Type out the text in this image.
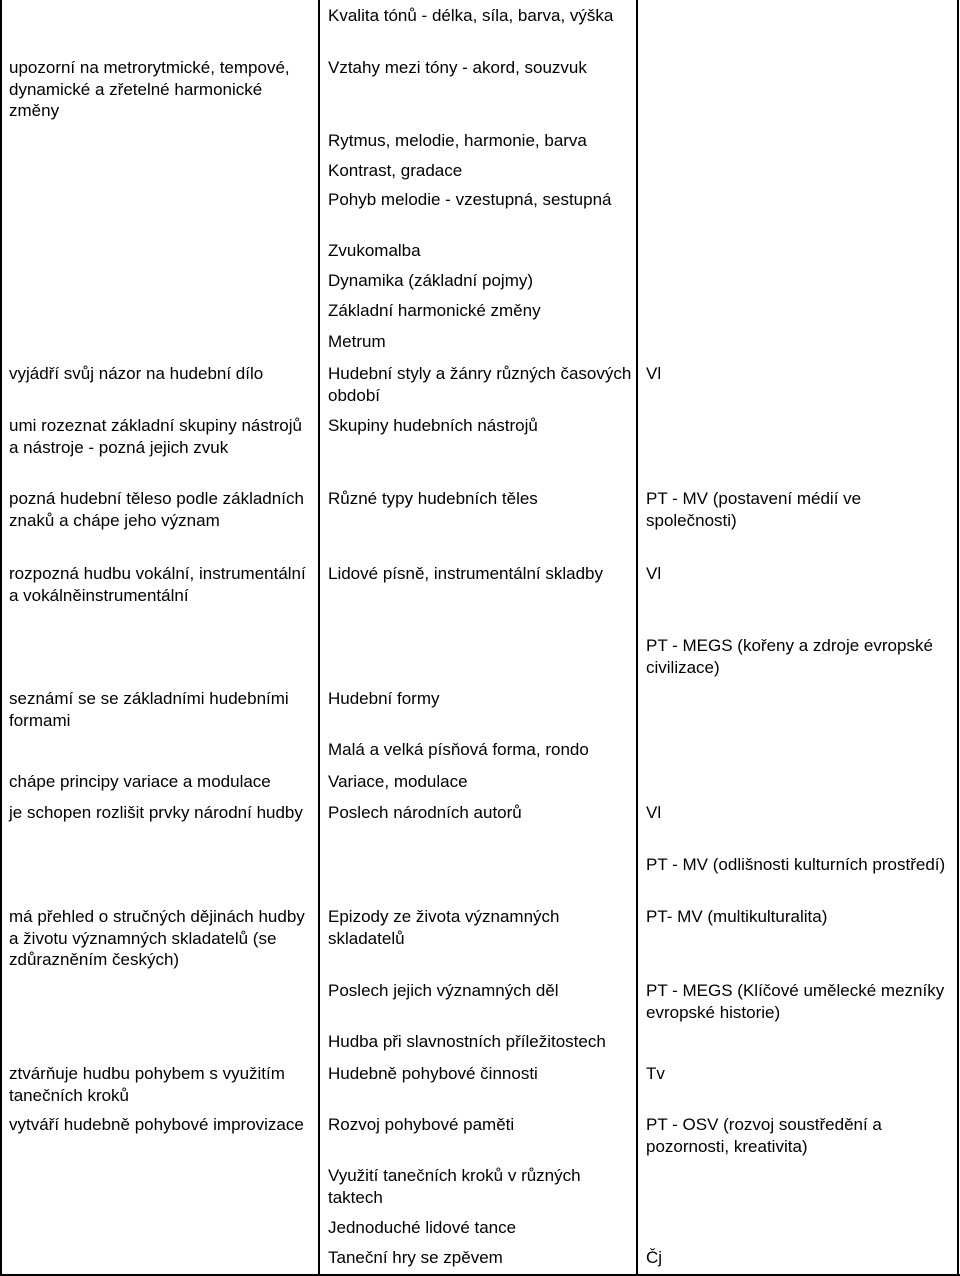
upozorní na metrorytmické, tempové, dynamické a zřetelné harmonické změny

vyjádří svůj názor na hudební dílo

umi rozeznat základní skupiny nástrojů a nástroje - pozná jejich zvuk

pozná hudební těleso podle základních znaků a chápe jeho význam

rozpozná hudbu vokální, instrumentální a vokálněinstrumentální

seznámí se se základními hudebními formami

chápe principy variace a modulace

je schopen rozlišit prvky národní hudby

má přehled o stručných dějinách hudby a životu významných skladatelů (se zdůrazněním českých)

ztvárňuje hudbu pohybem s využitím tanečních kroků

vytváří hudebně pohybové improvizace

Kvalita tónů - délka, síla, barva, výška

Vztahy mezi tóny - akord, souzvuk

Rytmus, melodie, harmonie, barva

Kontrast, gradace

Pohyb melodie - vzestupná, sestupná

Zvukomalba

Dynamika (základní pojmy)

Základní harmonické změny

Metrum

Hudební styly a žánry různých časových období

Skupiny hudebních nástrojů

Různé typy hudebních těles

Lidové písně, instrumentální skladby

Hudební formy

Malá a velká písňová forma, rondo

Variace, modulace

Poslech národních autorů

Epizody ze života významných skladatelů

Poslech jejich významných děl

Hudba při slavnostních příležitostech

Hudebně pohybové činnosti

Rozvoj pohybové paměti

Využití tanečních kroků v různých taktech

Jednoduché lidové tance

Taneční hry se zpěvem

Vl

PT - MV (postavení médií ve společnosti)

Vl

PT - MEGS (kořeny a zdroje evropské civilizace)

Vl

PT - MV (odlišnosti kulturních prostředí)

PT- MV (multikulturalita)

PT - MEGS (Klíčové umělecké mezníky evropské historie)

Tv

PT - OSV (rozvoj soustředění a pozornosti, kreativita)

Čj
